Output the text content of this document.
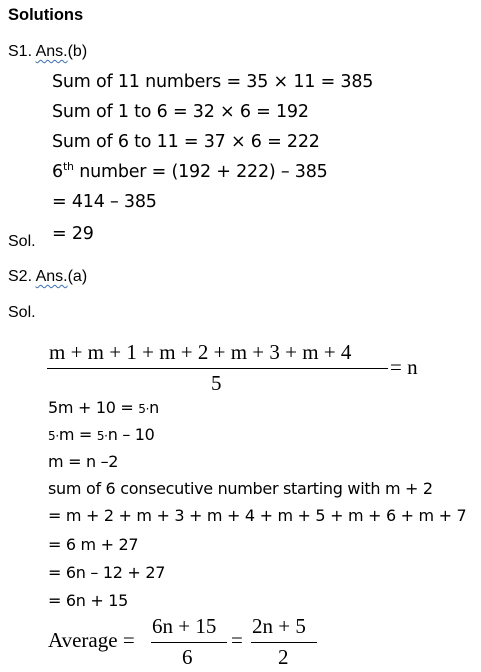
Solutions
S1. Ans.(b)
Sum of 11 numbers = 35 × 11 = 385
Sum of 1 to 6 = 32 × 6 = 192
Sum of 6 to 11 = 37 × 6 = 222
6th number = (192 + 222) – 385
= 414 – 385
Sol. = 29
S2. Ans.(a)
Sol.
m + m + 1 + m + 2 + m + 3 + m + 4
5
= n
5m + 10 = 5·n
5·m = 5·n – 10
m = n –2
sum of 6 consecutive number starting with m + 2
= m + 2 + m + 3 + m + 4 + m + 5 + m + 6 + m + 7
= 6 m + 27
= 6n – 12 + 27
= 6n + 15
Average =
6n + 15
6
=
2n + 5
2
